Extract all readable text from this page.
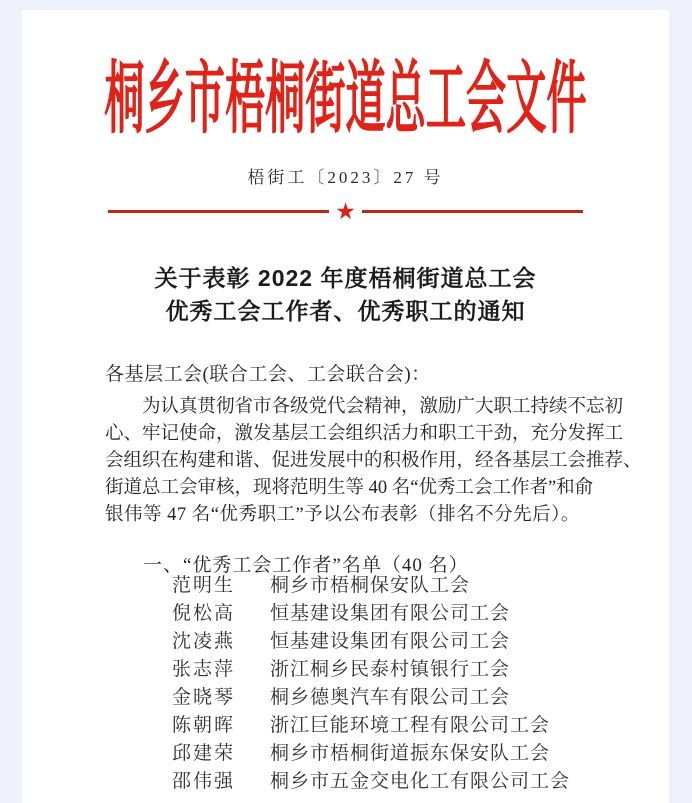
桐乡市梧桐街道总工会文件
梧街工〔2023〕27 号
★
关于表彰 2022 年度梧桐街道总工会
优秀工会工作者、优秀职工的通知
各基层工会(联合工会、工会联合会)：
为认真贯彻省市各级党代会精神，激励广大职工持续不忘初
心、牢记使命，激发基层工会组织活力和职工干劲，充分发挥工
会组织在构建和谐、促进发展中的积极作用，经各基层工会推荐、
街道总工会审核，现将范明生等 40 名“优秀工会工作者”和俞
银伟等 47 名“优秀职工”予以公布表彰（排名不分先后）。
一、“优秀工会工作者”名单（40 名）
范明生 桐乡市梧桐保安队工会
倪松高 恒基建设集团有限公司工会
沈凌燕 恒基建设集团有限公司工会
张志萍 浙江桐乡民泰村镇银行工会
金晓琴 桐乡德奥汽车有限公司工会
陈朝晖 浙江巨能环境工程有限公司工会
邱建荣 桐乡市梧桐街道振东保安队工会
邵伟强 桐乡市五金交电化工有限公司工会
